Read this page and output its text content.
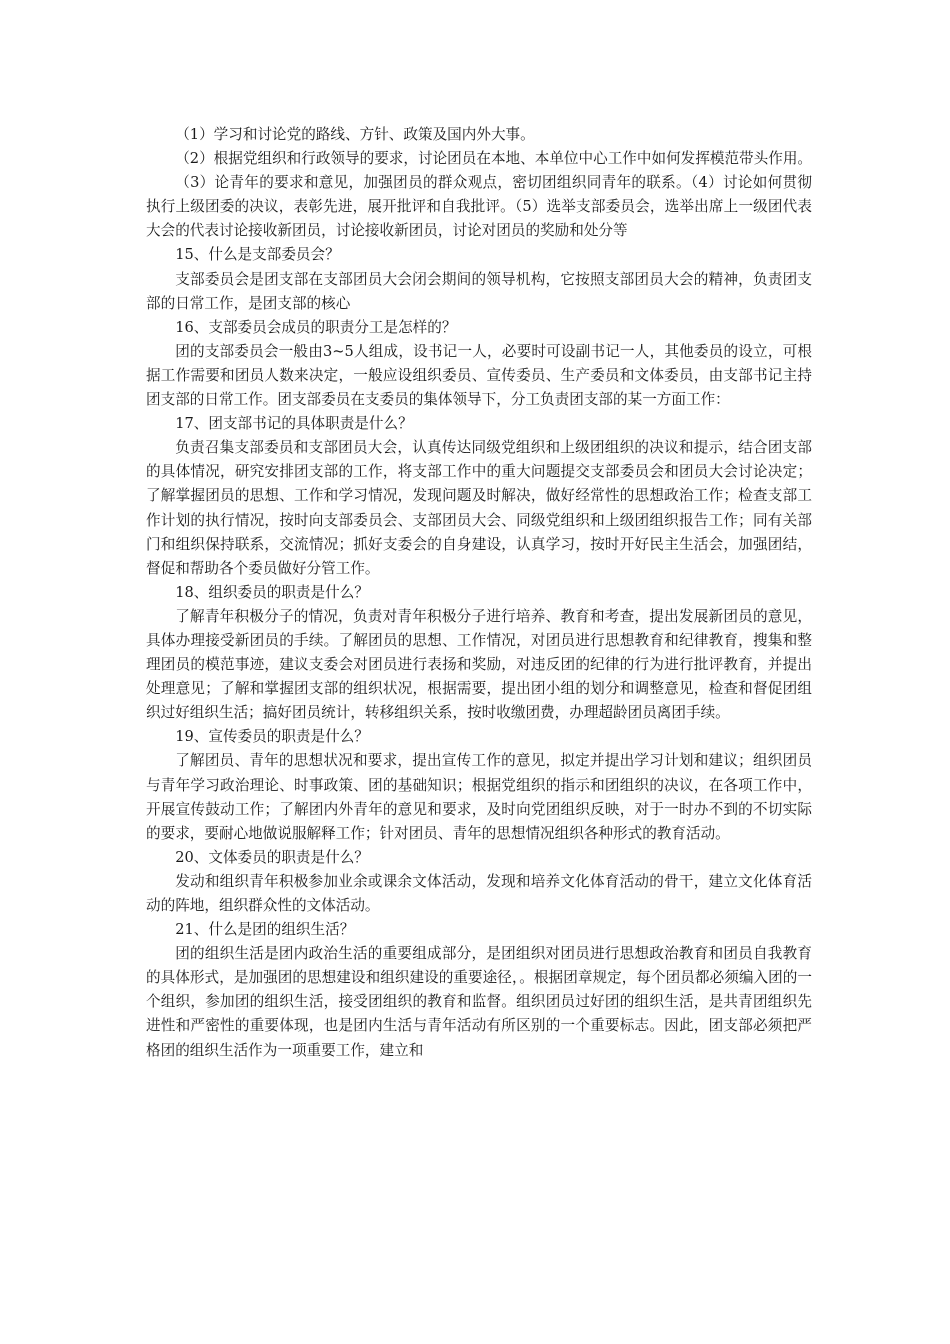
（1）学习和讨论党的路线、方针、政策及国内外大事。

（2）根据党组织和行政领导的要求，讨论团员在本地、本单位中心工作中如何发挥模范带头作用。

（3）论青年的要求和意见，加强团员的群众观点，密切团组织同青年的联系。（4）讨论如何贯彻执行上级团委的决议，表彰先进，展开批评和自我批评。（5）选举支部委员会，选举出席上一级团代表大会的代表讨论接收新团员，讨论接收新团员，讨论对团员的奖励和处分等

15、什么是支部委员会？

支部委员会是团支部在支部团员大会闭会期间的领导机构，它按照支部团员大会的精神，负责团支部的日常工作，是团支部的核心

16、支部委员会成员的职责分工是怎样的？

团的支部委员会一般由3~5人组成，设书记一人，必要时可设副书记一人，其他委员的设立，可根据工作需要和团员人数来决定，一般应设组织委员、宣传委员、生产委员和文体委员，由支部书记主持团支部的日常工作。团支部委员在支委员的集体领导下，分工负责团支部的某一方面工作：

17、团支部书记的具体职责是什么？

负责召集支部委员和支部团员大会，认真传达同级党组织和上级团组织的决议和提示，结合团支部的具体情况，研究安排团支部的工作，将支部工作中的重大问题提交支部委员会和团员大会讨论决定；了解掌握团员的思想、工作和学习情况，发现问题及时解决，做好经常性的思想政治工作；检查支部工作计划的执行情况，按时向支部委员会、支部团员大会、同级党组织和上级团组织报告工作；同有关部门和组织保持联系，交流情况；抓好支委会的自身建设，认真学习，按时开好民主生活会，加强团结，督促和帮助各个委员做好分管工作。

18、组织委员的职责是什么？

了解青年积极分子的情况，负责对青年积极分子进行培养、教育和考查，提出发展新团员的意见，具体办理接受新团员的手续。了解团员的思想、工作情况，对团员进行思想教育和纪律教育，搜集和整理团员的模范事迹，建议支委会对团员进行表扬和奖励，对违反团的纪律的行为进行批评教育，并提出处理意见；了解和掌握团支部的组织状况，根据需要，提出团小组的划分和调整意见，检查和督促团组织过好组织生活；搞好团员统计，转移组织关系，按时收缴团费，办理超龄团员离团手续。

19、宣传委员的职责是什么？

了解团员、青年的思想状况和要求，提出宣传工作的意见，拟定并提出学习计划和建议；组织团员与青年学习政治理论、时事政策、团的基础知识；根据党组织的指示和团组织的决议，在各项工作中，开展宣传鼓动工作；了解团内外青年的意见和要求，及时向党团组织反映，对于一时办不到的不切实际的要求，要耐心地做说服解释工作；针对团员、青年的思想情况组织各种形式的教育活动。

20、文体委员的职责是什么？

发动和组织青年积极参加业余或课余文体活动，发现和培养文化体育活动的骨干，建立文化体育活动的阵地，组织群众性的文体活动。

21、什么是团的组织生活？

团的组织生活是团内政治生活的重要组成部分，是团组织对团员进行思想政治教育和团员自我教育的具体形式，是加强团的思想建设和组织建设的重要途径，。根据团章规定，每个团员都必须编入团的一个组织，参加团的组织生活，接受团组织的教育和监督。组织团员过好团的组织生活，是共青团组织先进性和严密性的重要体现，也是团内生活与青年活动有所区别的一个重要标志。因此，团支部必须把严格团的组织生活作为一项重要工作，建立和
